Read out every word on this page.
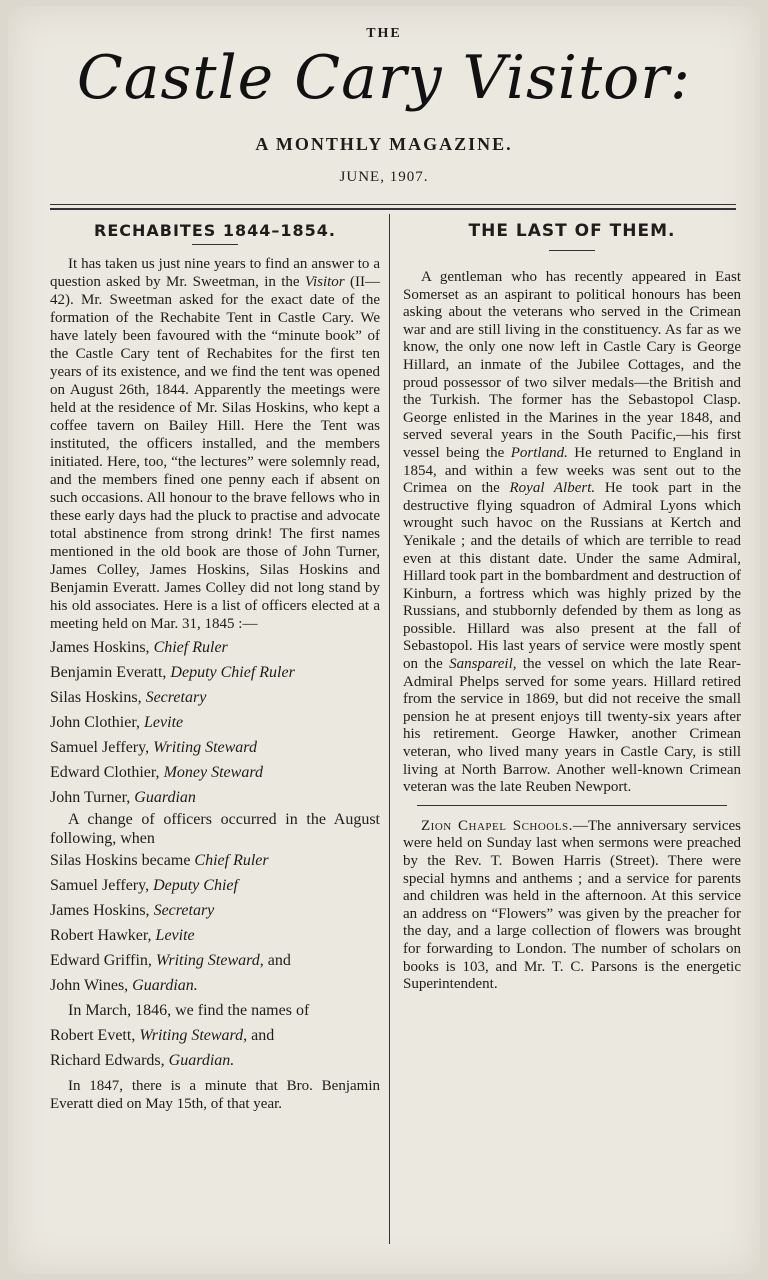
THE
Castle Cary Visitor:
A MONTHLY MAGAZINE.
JUNE, 1907.
RECHABITES 1844–1854.

It has taken us just nine years to find an answer to a question asked by Mr. Sweetman, in the Visitor (II—42). Mr. Sweetman asked for the exact date of the formation of the Rechabite Tent in Castle Cary. We have lately been favoured with the “minute book” of the Castle Cary tent of Rechabites for the first ten years of its existence, and we find the tent was opened on August 26th, 1844. Apparently the meetings were held at the residence of Mr. Silas Hoskins, who kept a coffee tavern on Bailey Hill. Here the Tent was instituted, the officers installed, and the members initiated. Here, too, “the lectures” were solemnly read, and the members fined one penny each if absent on such occasions. All honour to the brave fellows who in these early days had the pluck to practise and advocate total abstinence from strong drink! The first names mentioned in the old book are those of John Turner, James Colley, James Hoskins, Silas Hoskins and Benjamin Everatt. James Colley did not long stand by his old associates. Here is a list of officers elected at a meeting held on Mar. 31, 1845 :—

James Hoskins, Chief Ruler

Benjamin Everatt, Deputy Chief Ruler

Silas Hoskins, Secretary

John Clothier, Levite

Samuel Jeffery, Writing Steward

Edward Clothier, Money Steward

John Turner, Guardian

A change of officers occurred in the August following, when

Silas Hoskins became Chief Ruler

Samuel Jeffery, Deputy Chief

James Hoskins, Secretary

Robert Hawker, Levite

Edward Griffin, Writing Steward, and

John Wines, Guardian.

In March, 1846, we find the names of

Robert Evett, Writing Steward, and

Richard Edwards, Guardian.

In 1847, there is a minute that Bro. Benjamin Everatt died on May 15th, of that year.

THE LAST OF THEM.

A gentleman who has recently appeared in East Somerset as an aspirant to political honours has been asking about the veterans who served in the Crimean war and are still living in the constituency. As far as we know, the only one now left in Castle Cary is George Hillard, an inmate of the Jubilee Cottages, and the proud possessor of two silver medals—the British and the Turkish. The former has the Sebastopol Clasp. George enlisted in the Marines in the year 1848, and served several years in the South Pacific,—his first vessel being the Portland. He returned to England in 1854, and within a few weeks was sent out to the Crimea on the Royal Albert. He took part in the destructive flying squadron of Admiral Lyons which wrought such havoc on the Russians at Kertch and Yenikale ; and the details of which are terrible to read even at this distant date. Under the same Admiral, Hillard took part in the bombardment and destruction of Kinburn, a fortress which was highly prized by the Russians, and stubbornly defended by them as long as possible. Hillard was also present at the fall of Sebastopol. His last years of service were mostly spent on the Sanspareil, the vessel on which the late Rear-Admiral Phelps served for some years. Hillard retired from the service in 1869, but did not receive the small pension he at present enjoys till twenty-six years after his retirement. George Hawker, another Crimean veteran, who lived many years in Castle Cary, is still living at North Barrow. Another well-known Crimean veteran was the late Reuben Newport.

Zion Chapel Schools.—The anniversary services were held on Sunday last when sermons were preached by the Rev. T. Bowen Harris (Street). There were special hymns and anthems ; and a service for parents and children was held in the afternoon. At this service an address on “Flowers” was given by the preacher for the day, and a large collection of flowers was brought for forwarding to London. The number of scholars on books is 103, and Mr. T. C. Parsons is the energetic Superintendent.
